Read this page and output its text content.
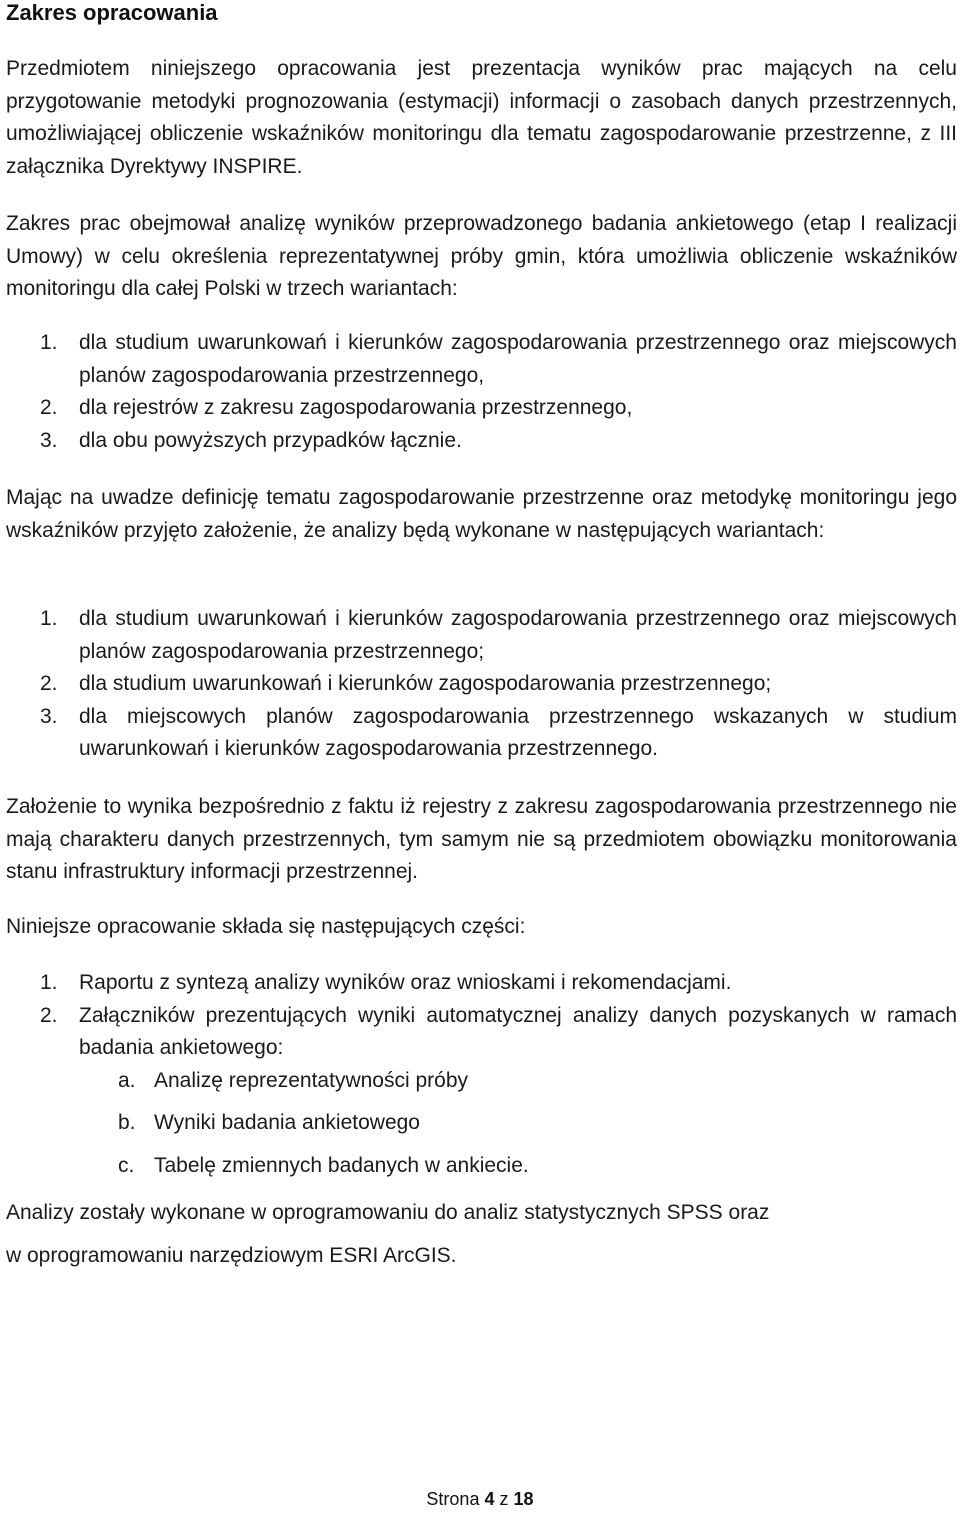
Zakres opracowania

Przedmiotem niniejszego opracowania jest prezentacja wyników prac mających na celu przygotowanie metodyki prognozowania (estymacji) informacji o zasobach danych przestrzennych, umożliwiającej obliczenie wskaźników monitoringu dla tematu zagospodarowanie przestrzenne, z III załącznika Dyrektywy INSPIRE.

Zakres prac obejmował analizę wyników przeprowadzonego badania ankietowego (etap I realizacji Umowy) w celu określenia reprezentatywnej próby gmin, która umożliwia obliczenie wskaźników monitoringu dla całej Polski w trzech wariantach:

1. dla studium uwarunkowań i kierunków zagospodarowania przestrzennego oraz miejscowych planów zagospodarowania przestrzennego,
2. dla rejestrów z zakresu zagospodarowania przestrzennego,
3. dla obu powyższych przypadków łącznie.

Mając na uwadze definicję tematu zagospodarowanie przestrzenne oraz metodykę monitoringu jego wskaźników przyjęto założenie, że analizy będą wykonane w następujących wariantach:

1. dla studium uwarunkowań i kierunków zagospodarowania przestrzennego oraz miejscowych planów zagospodarowania przestrzennego;
2. dla studium uwarunkowań i kierunków zagospodarowania przestrzennego;
3. dla miejscowych planów zagospodarowania przestrzennego wskazanych w studium uwarunkowań i kierunków zagospodarowania przestrzennego.

Założenie to wynika bezpośrednio z faktu iż rejestry z zakresu zagospodarowania przestrzennego nie mają charakteru danych przestrzennych, tym samym nie są przedmiotem obowiązku monitorowania stanu infrastruktury informacji przestrzennej.

Niniejsze opracowanie składa się następujących części:

1. Raportu z syntezą analizy wyników oraz wnioskami i rekomendacjami.
2. Załączników prezentujących wyniki automatycznej analizy danych pozyskanych w ramach badania ankietowego:
a. Analizę reprezentatywności próby
b. Wyniki badania ankietowego
c. Tabelę zmiennych badanych w ankiecie.

Analizy zostały wykonane w oprogramowaniu do analiz statystycznych SPSS oraz

w oprogramowaniu narzędziowym ESRI ArcGIS.

Strona 4 z 18
